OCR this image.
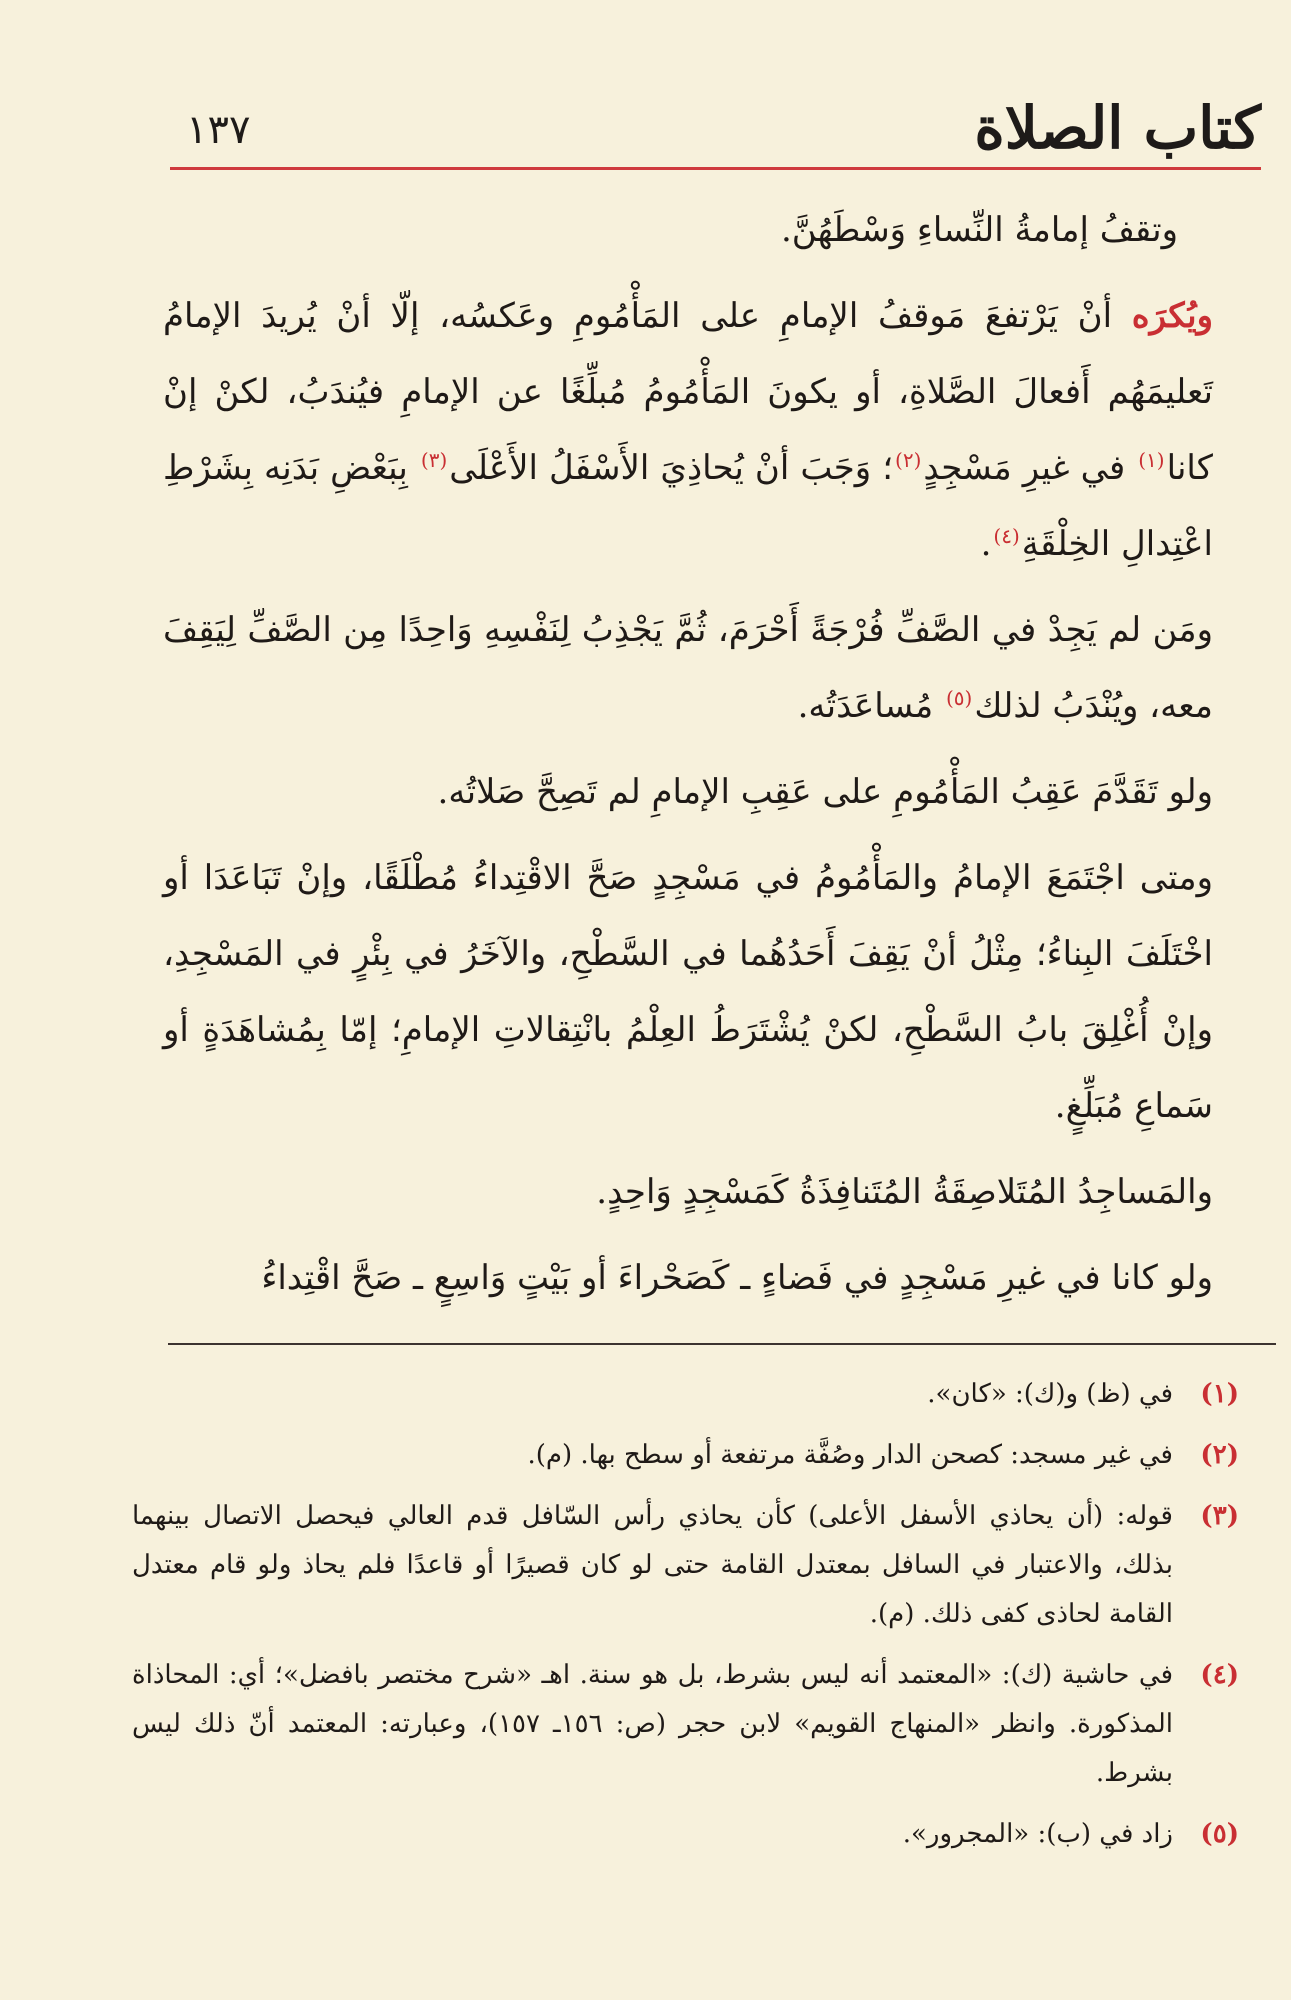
كتاب الصلاة
١٣٧

وتقفُ إمامةُ النِّساءِ وَسْطَهُنَّ.

ويُكرَه أنْ يَرْتفعَ مَوقفُ الإمامِ على المَأْمُومِ وعَكسُه، إلّا أنْ يُريدَ الإمامُ تَعليمَهُم أَفعالَ الصَّلاةِ، أو يكونَ المَأْمُومُ مُبلِّغًا عن الإمامِ فيُندَبُ، لكنْ إنْ كانا$^{(١)}$ في غيرِ مَسْجِدٍ$^{(٢)}$؛ وَجَبَ أنْ يُحاذِيَ الأَسْفَلُ الأَعْلَى$^{(٣)}$ بِبَعْضِ بَدَنِه بِشَرْطِ اعْتِدالِ الخِلْقَةِ$^{(٤)}$.

ومَن لم يَجِدْ في الصَّفِّ فُرْجَةً أَحْرَمَ، ثُمَّ يَجْذِبُ لِنَفْسِهِ وَاحِدًا مِن الصَّفِّ لِيَقِفَ معه، ويُنْدَبُ لذلك$^{(٥)}$ مُساعَدَتُه.

ولو تَقَدَّمَ عَقِبُ المَأْمُومِ على عَقِبِ الإمامِ لم تَصِحَّ صَلاتُه.

ومتى اجْتَمَعَ الإمامُ والمَأْمُومُ في مَسْجِدٍ صَحَّ الاقْتِداءُ مُطْلَقًا، وإنْ تَبَاعَدَا أو اخْتَلَفَ البِناءُ؛ مِثْلُ أنْ يَقِفَ أَحَدُهُما في السَّطْحِ، والآخَرُ في بِئْرٍ في المَسْجِدِ، وإنْ أُغْلِقَ بابُ السَّطْحِ، لكنْ يُشْتَرَطُ العِلْمُ بانْتِقالاتِ الإمامِ؛ إمّا بِمُشاهَدَةٍ أو سَماعِ مُبَلِّغٍ.

والمَساجِدُ المُتَلاصِقَةُ المُتَنافِذَةُ كَمَسْجِدٍ وَاحِدٍ.

ولو كانا في غيرِ مَسْجِدٍ في فَضاءٍ ـ كَصَحْراءَ أو بَيْتٍ وَاسِعٍ ـ صَحَّ اقْتِداءُ

(١)
في (ظ) و(ك): «كان».
(٢)
في غير مسجد: كصحن الدار وصُفَّة مرتفعة أو سطح بها. (م).
(٣)
قوله: (أن يحاذي الأسفل الأعلى) كأن يحاذي رأس السّافل قدم العالي فيحصل الاتصال بينهما بذلك، والاعتبار في السافل بمعتدل القامة حتى لو كان قصيرًا أو قاعدًا فلم يحاذ ولو قام معتدل القامة لحاذى كفى ذلك. (م).
(٤)
في حاشية (ك): «المعتمد أنه ليس بشرط، بل هو سنة. اهـ «شرح مختصر بافضل»؛ أي: المحاذاة المذكورة. وانظر «المنهاج القويم» لابن حجر (ص: ١٥٦ـ ١٥٧)، وعبارته: المعتمد أنّ ذلك ليس بشرط.
(٥)
زاد في (ب): «المجرور».
